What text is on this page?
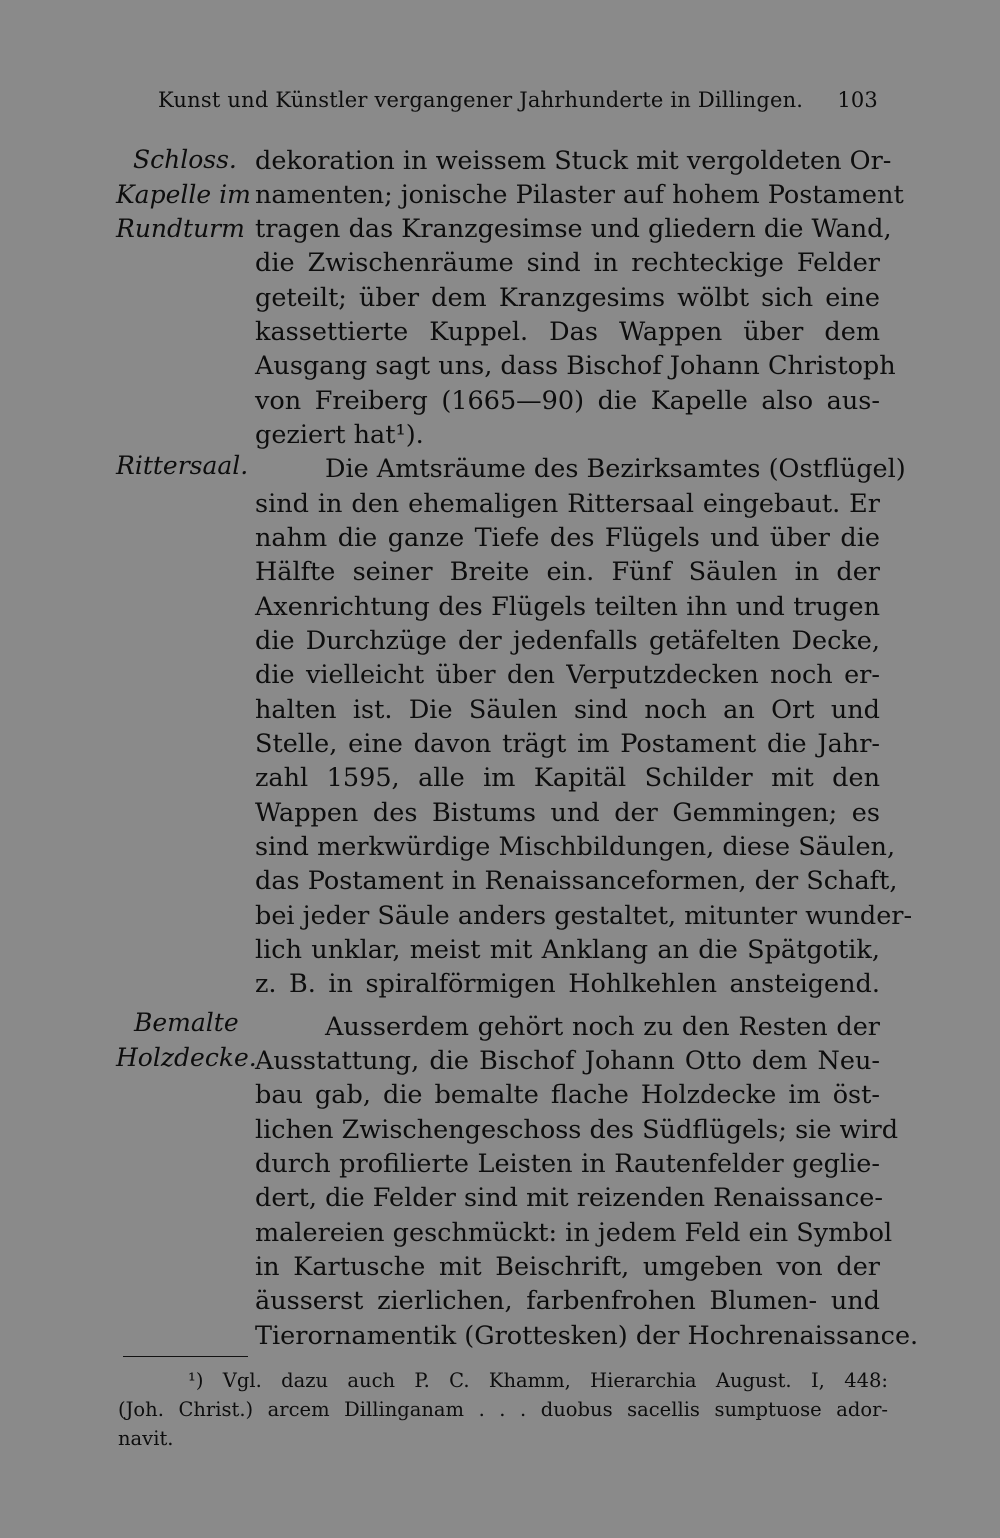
Kunst und Künstler vergangener Jahrhunderte in Dillingen. 103
Schloss.
Kapelle im
Rundturm
Rittersaal.
Bemalte
Holzdecke.
dekoration in weissem Stuck mit vergoldeten Or-
namenten; jonische Pilaster auf hohem Postament
tragen das Kranzgesimse und gliedern die Wand,
die Zwischenräume sind in rechteckige Felder
geteilt; über dem Kranzgesims wölbt sich eine
kassettierte Kuppel. Das Wappen über dem
Ausgang sagt uns, dass Bischof Johann Christoph
von Freiberg (1665—90) die Kapelle also aus-
geziert hat¹).
Die Amtsräume des Bezirksamtes (Ostflügel)
sind in den ehemaligen Rittersaal eingebaut. Er
nahm die ganze Tiefe des Flügels und über die
Hälfte seiner Breite ein. Fünf Säulen in der
Axenrichtung des Flügels teilten ihn und trugen
die Durchzüge der jedenfalls getäfelten Decke,
die vielleicht über den Verputzdecken noch er-
halten ist. Die Säulen sind noch an Ort und
Stelle, eine davon trägt im Postament die Jahr-
zahl 1595, alle im Kapitäl Schilder mit den
Wappen des Bistums und der Gemmingen; es
sind merkwürdige Mischbildungen, diese Säulen,
das Postament in Renaissanceformen, der Schaft,
bei jeder Säule anders gestaltet, mitunter wunder-
lich unklar, meist mit Anklang an die Spätgotik,
z. B. in spiralförmigen Hohlkehlen ansteigend.
Ausserdem gehört noch zu den Resten der
Ausstattung, die Bischof Johann Otto dem Neu-
bau gab, die bemalte flache Holzdecke im öst-
lichen Zwischengeschoss des Südflügels; sie wird
durch profilierte Leisten in Rautenfelder geglie-
dert, die Felder sind mit reizenden Renaissance-
malereien geschmückt: in jedem Feld ein Symbol
in Kartusche mit Beischrift, umgeben von der
äusserst zierlichen, farbenfrohen Blumen- und
Tierornamentik (Grottesken) der Hochrenaissance.
¹) Vgl. dazu auch P. C. Khamm, Hierarchia August. I, 448:
(Joh. Christ.) arcem Dillinganam . . . duobus sacellis sumptuose ador-
navit.
